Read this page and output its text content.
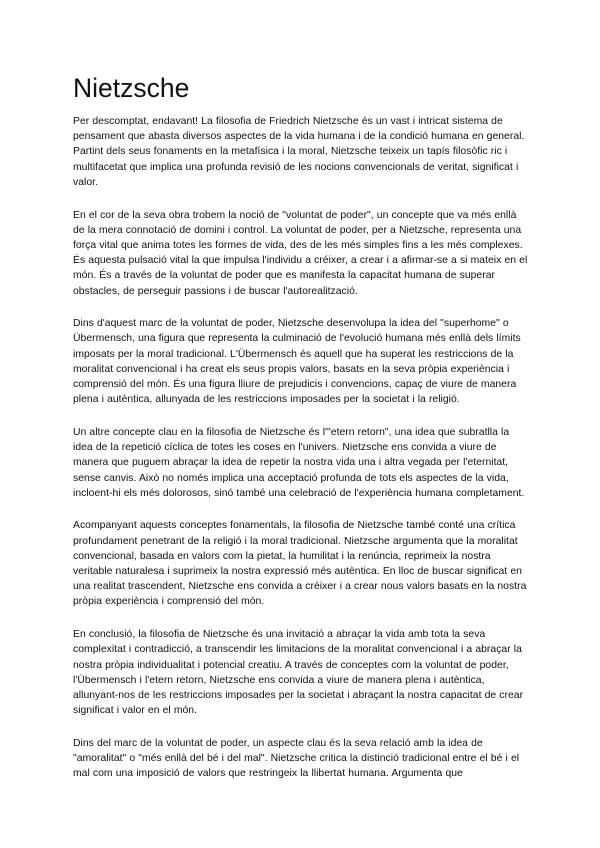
Nietzsche

Per descomptat, endavant! La filosofia de Friedrich Nietzsche és un vast i intricat sistema de pensament que abasta diversos aspectes de la vida humana i de la condició humana en general. Partint dels seus fonaments en la metafísica i la moral, Nietzsche teixeix un tapís filosòfic ric i multifacetat que implica una profunda revisió de les nocions convencionals de veritat, significat i valor.

En el cor de la seva obra trobem la noció de "voluntat de poder", un concepte que va més enllà de la mera connotació de domini i control. La voluntat de poder, per a Nietzsche, representa una força vital que anima totes les formes de vida, des de les més simples fins a les més complexes. És aquesta pulsació vital la que impulsa l'individu a créixer, a crear i a afirmar-se a si mateix en el món. És a través de la voluntat de poder que es manifesta la capacitat humana de superar obstacles, de perseguir passions i de buscar l'autorealització.

Dins d'aquest marc de la voluntat de poder, Nietzsche desenvolupa la idea del "superhome" o Übermensch, una figura que representa la culminació de l'evolució humana més enllà dels límits imposats per la moral tradicional. L'Übermensch és aquell que ha superat les restriccions de la moralitat convencional i ha creat els seus propis valors, basats en la seva pròpia experiència i comprensió del món. És una figura lliure de prejudicis i convencions, capaç de viure de manera plena i autèntica, allunyada de les restriccions imposades per la societat i la religió.

Un altre concepte clau en la filosofia de Nietzsche és l'"etern retorn", una idea que subratlla la idea de la repetició cíclica de totes les coses en l'univers. Nietzsche ens convida a viure de manera que puguem abraçar la idea de repetir la nostra vida una i altra vegada per l'eternitat, sense canvis. Això no només implica una acceptació profunda de tots els aspectes de la vida, incloent-hi els més dolorosos, sinó també una celebració de l'experiència humana completament.

Acompanyant aquests conceptes fonamentals, la filosofia de Nietzsche també conté una crítica profundament penetrant de la religió i la moral tradicional. Nietzsche argumenta que la moralitat convencional, basada en valors com la pietat, la humilitat i la renúncia, reprimeix la nostra veritable naturalesa i suprimeix la nostra expressió més autèntica. En lloc de buscar significat en una realitat trascendent, Nietzsche ens convida a créixer i a crear nous valors basats en la nostra pròpia experiència i comprensió del món.

En conclusió, la filosofia de Nietzsche és una invitació a abraçar la vida amb tota la seva complexitat i contradicció, a transcendir les limitacions de la moralitat convencional i a abraçar la nostra pròpia individualitat i potencial creatiu. A través de conceptes com la voluntat de poder, l'Übermensch i l'etern retorn, Nietzsche ens convida a viure de manera plena i autèntica, allunyant-nos de les restriccions imposades per la societat i abraçant la nostra capacitat de crear significat i valor en el món.

Dins del marc de la voluntat de poder, un aspecte clau és la seva relació amb la idea de "amoralitat" o "més enllà del bé i del mal". Nietzsche critica la distinció tradicional entre el bé i el mal com una imposició de valors que restringeix la llibertat humana. Argumenta que
